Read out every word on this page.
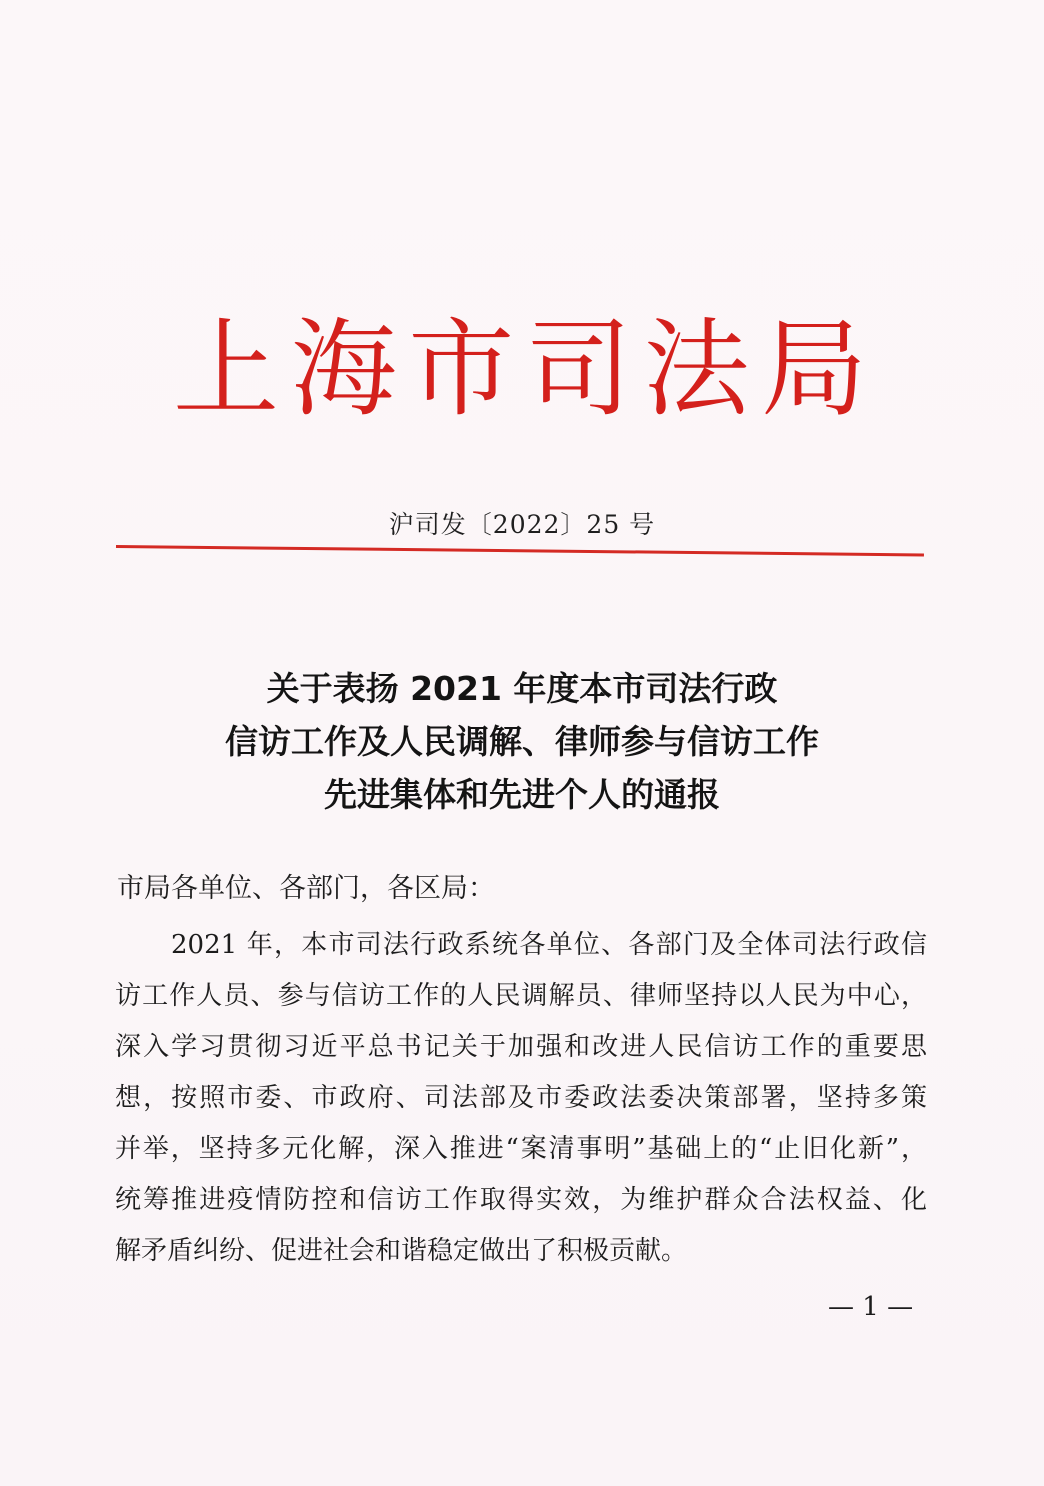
上 海 市 司 法 局
沪司发〔2022〕25 号
关于表扬 2021 年度本市司法行政
信访工作及人民调解、律师参与信访工作
先进集体和先进个人的通报
市局各单位、各部门，各区局：
2021 年，本市司法行政系统各单位、各部门及全体司法行政信
访工作人员、参与信访工作的人民调解员、律师坚持以人民为中心，
深入学习贯彻习近平总书记关于加强和改进人民信访工作的重要思
想，按照市委、市政府、司法部及市委政法委决策部署，坚持多策
并举，坚持多元化解，深入推进“案清事明”基础上的“止旧化新”，
统筹推进疫情防控和信访工作取得实效，为维护群众合法权益、化
解矛盾纠纷、促进社会和谐稳定做出了积极贡献。
— 1 —
